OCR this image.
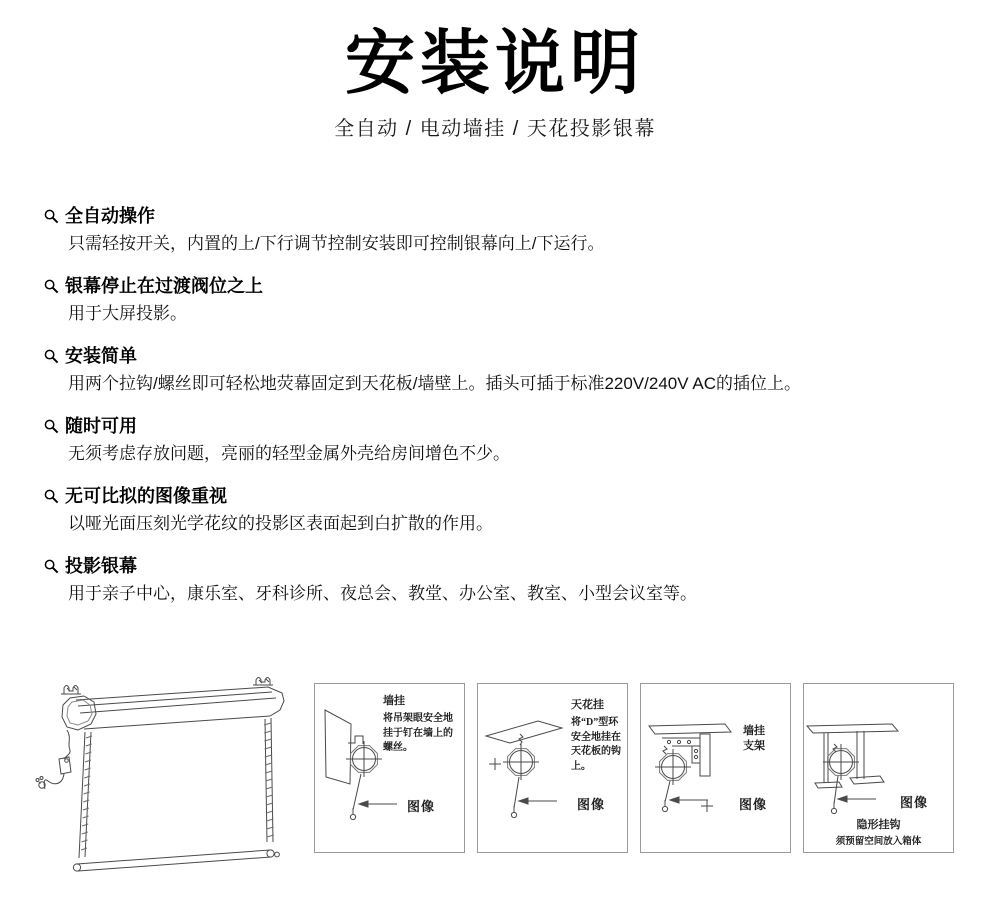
安装说明
全自动 / 电动墙挂 / 天花投影银幕
全自动操作
只需轻按开关，内置的上/下行调节控制安装即可控制银幕向上/下运行。
银幕停止在过渡阀位之上
用于大屏投影。
安装简单
用两个拉钩/螺丝即可轻松地荧幕固定到天花板/墙壁上。插头可插于标准220V/240V AC的插位上。
随时可用
无须考虑存放问题，亮丽的轻型金属外壳给房间增色不少。
无可比拟的图像重视
以哑光面压刻光学花纹的投影区表面起到白扩散的作用。
投影银幕
用于亲子中心，康乐室、牙科诊所、夜总会、教堂、办公室、教室、小型会议室等。
墙挂
将吊架眼安全地挂于钉在墙上的螺丝。
图像
天花挂
将“D”型环安全地挂在天花板的钩上。
图像
墙挂支架
图像	图像
隐形挂钩
须预留空间放入箱体
